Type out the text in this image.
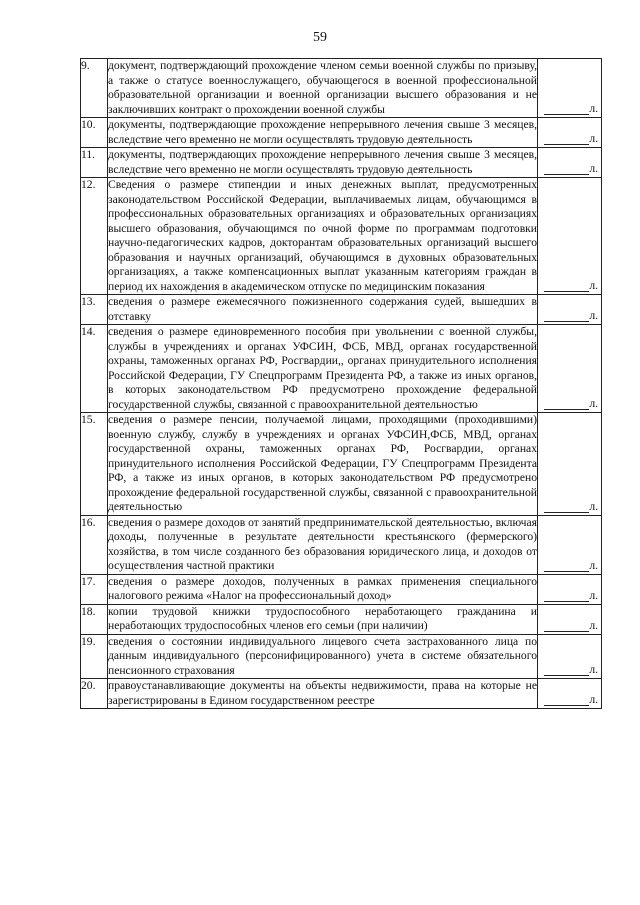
59
9.	документ, подтверждающий прохождение членом семьи военной службы по призыву, а также о статусе военнослужащего, обучающегося в военной профессиональной образовательной организации и военной организации высшего образования и не заключивших контракт о прохождении военной службы	л.

10.	документы, подтверждающие прохождение непрерывного лечения свыше 3 месяцев, вследствие чего временно не могли осуществлять трудовую деятельность	л.

11.	документы, подтверждающих прохождение непрерывного лечения свыше 3 месяцев, вследствие чего временно не могли осуществлять трудовую деятельность	л.

12.	Сведения о размере стипендии и иных денежных выплат, предусмотренных законодательством Российской Федерации, выплачиваемых лицам, обучающимся в профессиональных образовательных организациях и образовательных организациях высшего образования, обучающимся по очной форме по программам подготовки научно-педагогических кадров, докторантам образовательных организаций высшего образования и научных организаций, обучающимся в духовных образовательных организациях, а также компенсационных выплат указанным категориям граждан в период их нахождения в академическом отпуске по медицинским показания	л.

13.	сведения о размере ежемесячного пожизненного содержания судей, вышедших в отставку	л.

14.	сведения о размере единовременного пособия при увольнении с военной службы, службы в учреждениях и органах УФСИН, ФСБ, МВД, органах государственной охраны, таможенных органах РФ, Росгвардии,, органах принудительного исполнения Российской Федерации, ГУ Спецпрограмм Президента РФ, а также из иных органов, в которых законодательством РФ предусмотрено прохождение федеральной государственной службы, связанной с правоохранительной деятельностью	л.

15.	сведения о размере пенсии, получаемой лицами, проходящими (проходившими) военную службу, службу в учреждениях и органах УФСИН,ФСБ, МВД, органах государственной охраны, таможенных органах РФ, Росгвардии, органах принудительного исполнения Российской Федерации, ГУ Спецпрограмм Президента РФ, а также из иных органов, в которых законодательством РФ предусмотрено прохождение федеральной государственной службы, связанной с правоохранительной деятельностью	л.

16.	сведения о размере доходов от занятий предпринимательской деятельностью, включая доходы, полученные в результате деятельности крестьянского (фермерского) хозяйства, в том числе созданного без образования юридического лица, и доходов от осуществления частной практики	л.

17.	сведения о размере доходов, полученных в рамках применения специального налогового режима «Налог на профессиональный доход»	л.

18.	копии трудовой книжки трудоспособного неработающего гражданина и неработающих трудоспособных членов его семьи (при наличии)	л.

19.	сведения о состоянии индивидуального лицевого счета застрахованного лица по данным индивидуального (персонифицированного) учета в системе обязательного пенсионного страхования	л.

20.	правоустанавливающие документы на объекты недвижимости, права на которые не зарегистрированы в Едином государственном реестре	л.
